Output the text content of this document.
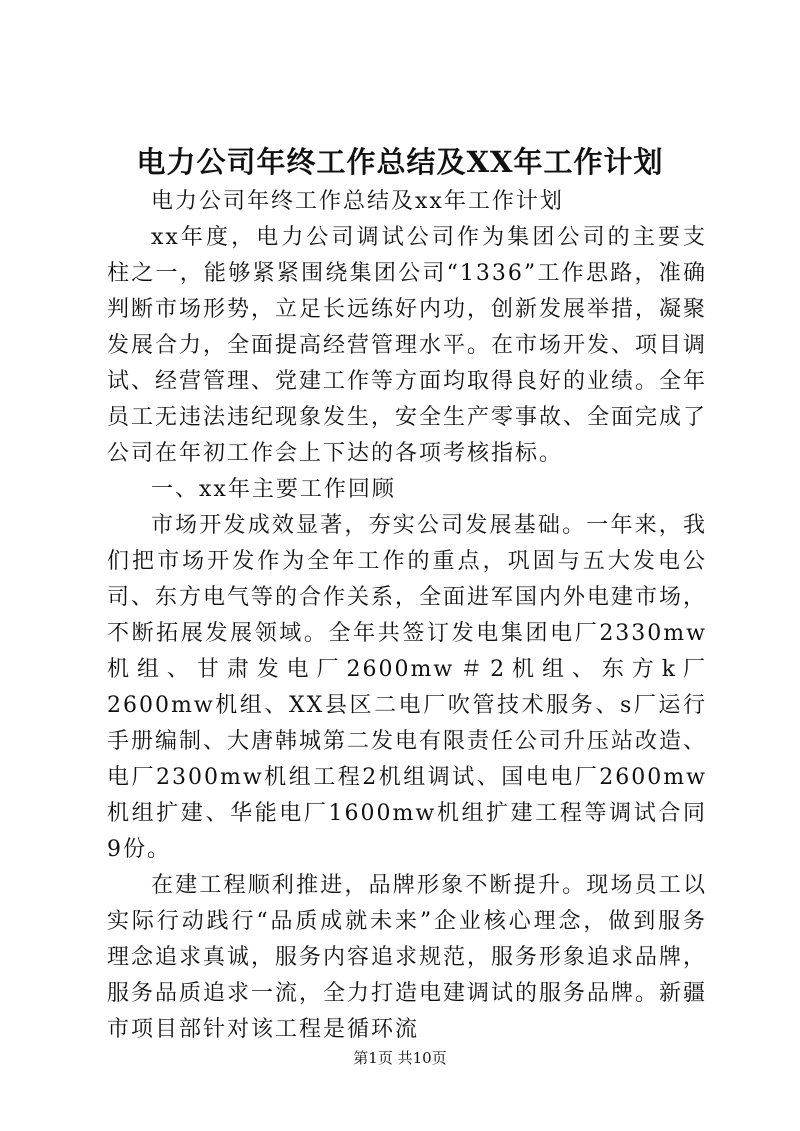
电力公司年终工作总结及XX年工作计划

电力公司年终工作总结及xx年工作计划

xx年度，电力公司调试公司作为集团公司的主要支柱之一，能够紧紧围绕集团公司“1336”工作思路，准确判断市场形势，立足长远练好内功，创新发展举措，凝聚发展合力，全面提高经营管理水平。在市场开发、项目调试、经营管理、党建工作等方面均取得良好的业绩。全年员工无违法违纪现象发生，安全生产零事故、全面完成了公司在年初工作会上下达的各项考核指标。

一、xx年主要工作回顾

市场开发成效显著，夯实公司发展基础。一年来，我们把市场开发作为全年工作的重点，巩固与五大发电公司、东方电气等的合作关系，全面进军国内外电建市场，不断拓展发展领域。全年共签订发电集团电厂2330mw机组、甘肃发电厂2600mw＃2机组、东方k厂2600mw机组、XX县区二电厂吹管技术服务、s厂运行手册编制、大唐韩城第二发电有限责任公司升压站改造、电厂2300mw机组工程2机组调试、国电电厂2600mw机组扩建、华能电厂1600mw机组扩建工程等调试合同9份。

在建工程顺利推进，品牌形象不断提升。现场员工以实际行动践行“品质成就未来”企业核心理念，做到服务理念追求真诚，服务内容追求规范，服务形象追求品牌，服务品质追求一流，全力打造电建调试的服务品牌。新疆市项目部针对该工程是循环流

第1页 共10页
